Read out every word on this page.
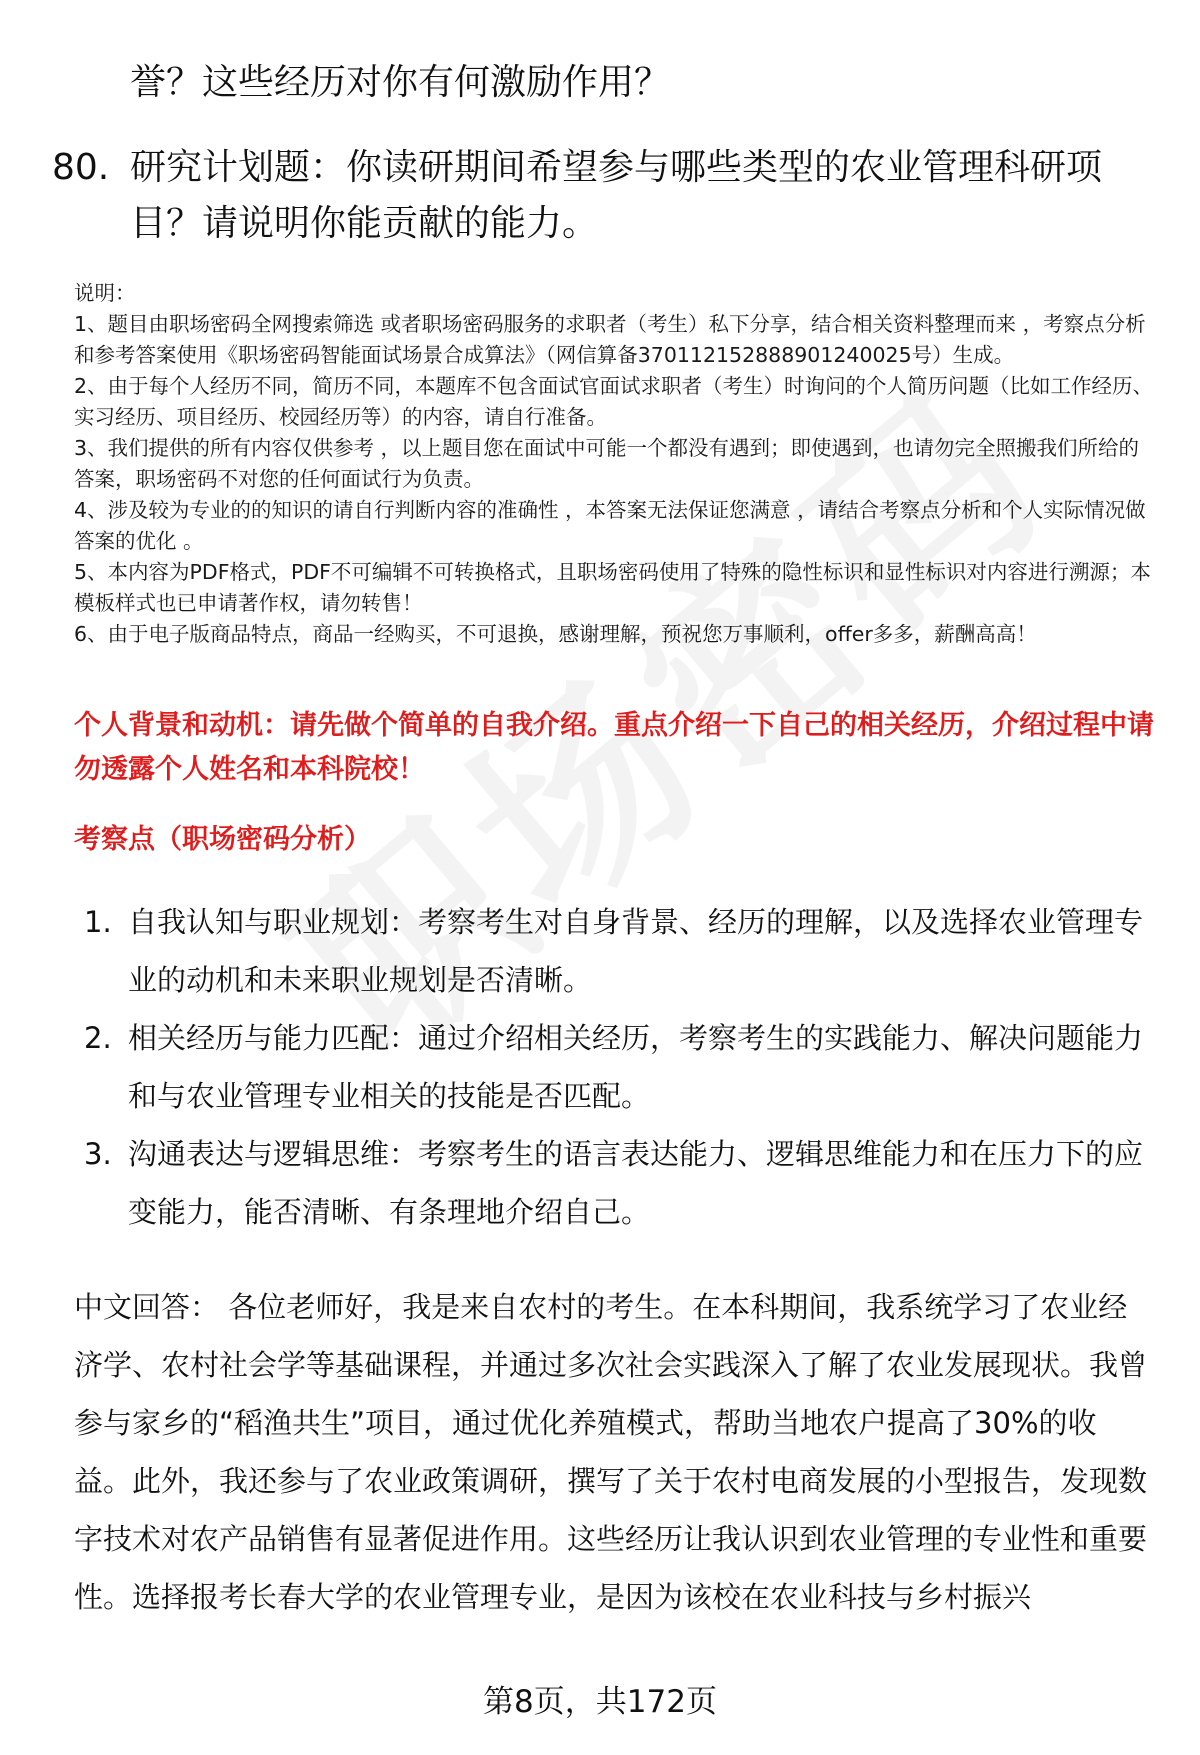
誉？这些经历对你有何激励作用？
80. 研究计划题：你读研期间希望参与哪些类型的农业管理科研项目？请说明你能贡献的能力。

说明：

1、题目由职场密码全网搜索筛选 或者职场密码服务的求职者（考生）私下分享，结合相关资料整理而来 ，考察点分析和参考答案使用《职场密码智能面试场景合成算法》（网信算备370112152888901240025号）生成。

2、由于每个人经历不同，简历不同，本题库不包含面试官面试求职者（考生）时询问的个人简历问题（比如工作经历、实习经历、项目经历、校园经历等）的内容，请自行准备。

3、我们提供的所有内容仅供参考 ，以上题目您在面试中可能一个都没有遇到；即使遇到，也请勿完全照搬我们所给的答案，职场密码不对您的任何面试行为负责。

4、涉及较为专业的的知识的请自行判断内容的准确性 ，本答案无法保证您满意 ，请结合考察点分析和个人实际情况做答案的优化 。

5、本内容为PDF格式，PDF不可编辑不可转换格式，且职场密码使用了特殊的隐性标识和显性标识对内容进行溯源；本模板样式也已申请著作权，请勿转售！

6、由于电子版商品特点，商品一经购买，不可退换，感谢理解，预祝您万事顺利，offer多多，薪酬高高！

个人背景和动机：请先做个简单的自我介绍。重点介绍一下自己的相关经历，介绍过程中请勿透露个人姓名和本科院校！
考察点（职场密码分析）
1. 自我认知与职业规划：考察考生对自身背景、经历的理解，以及选择农业管理专业的动机和未来职业规划是否清晰。
2. 相关经历与能力匹配：通过介绍相关经历，考察考生的实践能力、解决问题能力和与农业管理专业相关的技能是否匹配。
3. 沟通表达与逻辑思维：考察考生的语言表达能力、逻辑思维能力和在压力下的应变能力，能否清晰、有条理地介绍自己。
中文回答： 各位老师好，我是来自农村的考生。在本科期间，我系统学习了农业经济学、农村社会学等基础课程，并通过多次社会实践深入了解了农业发展现状。我曾参与家乡的“稻渔共生”项目，通过优化养殖模式，帮助当地农户提高了30%的收益。此外，我还参与了农业政策调研，撰写了关于农村电商发展的小型报告，发现数字技术对农产品销售有显著促进作用。这些经历让我认识到农业管理的专业性和重要性。选择报考长春大学的农业管理专业，是因为该校在农业科技与乡村振兴
第8页，共172页
